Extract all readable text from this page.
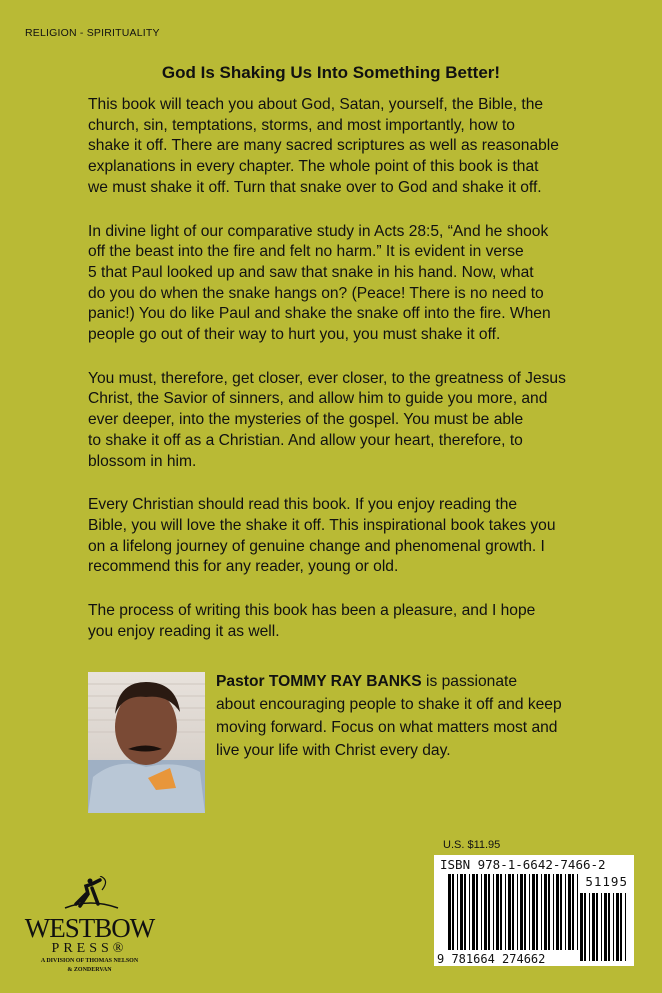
RELIGION - SPIRITUALITY
God Is Shaking Us Into Something Better!
This book will teach you about God, Satan, yourself, the Bible, the
church, sin, temptations, storms, and most importantly, how to
shake it off. There are many sacred scriptures as well as reasonable
explanations in every chapter. The whole point of this book is that
we must shake it off. Turn that snake over to God and shake it off.
In divine light of our comparative study in Acts 28:5, “And he shook
off the beast into the fire and felt no harm.” It is evident in verse
5 that Paul looked up and saw that snake in his hand. Now, what
do you do when the snake hangs on? (Peace! There is no need to
panic!) You do like Paul and shake the snake off into the fire. When
people go out of their way to hurt you, you must shake it off.
You must, therefore, get closer, ever closer, to the greatness of Jesus
Christ, the Savior of sinners, and allow him to guide you more, and
ever deeper, into the mysteries of the gospel. You must be able
to shake it off as a Christian. And allow your heart, therefore, to
blossom in him.
Every Christian should read this book. If you enjoy reading the
Bible, you will love the shake it off. This inspirational book takes you
on a lifelong journey of genuine change and phenomenal growth. I
recommend this for any reader, young or old.
The process of writing this book has been a pleasure, and I hope
you enjoy reading it as well.
Pastor TOMMY RAY BANKS is passionate
about encouraging people to shake it off and keep
moving forward. Focus on what matters most and
live your life with Christ every day.
WESTBOW
PRESS®
A DIVISION OF THOMAS NELSON
& ZONDERVAN
U.S. $11.95
ISBN 978-1-6642-7466-2
51195
9 781664 274662
